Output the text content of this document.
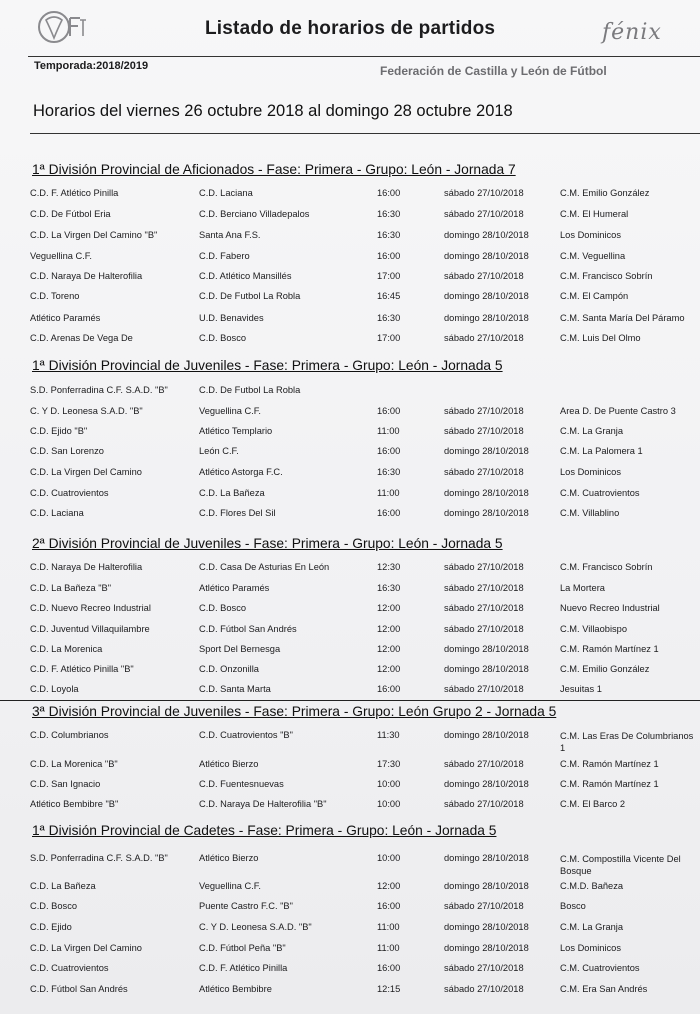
Listado de horarios de partidos	fénix
Temporada:2018/2019	Federación de Castilla y León de Fútbol
Horarios del viernes 26 octubre 2018 al domingo 28 octubre 2018
1ª División Provincial de Aficionados - Fase: Primera - Grupo: León - Jornada 7
C.D. F. Atlético Pinilla	C.D. Laciana	16:00	sábado 27/10/2018	C.M. Emilio González
C.D. De Fútbol Eria	C.D. Berciano Villadepalos	16:30	sábado 27/10/2018	C.M. El Humeral
C.D. La Virgen Del Camino "B"	Santa Ana F.S.	16:30	domingo 28/10/2018	Los Dominicos
Veguellina C.F.	C.D. Fabero	16:00	domingo 28/10/2018	C.M. Veguellina
C.D. Naraya De Halterofilia	C.D. Atlético Mansillés	17:00	sábado 27/10/2018	C.M. Francisco Sobrín
C.D. Toreno	C.D. De Futbol La Robla	16:45	domingo 28/10/2018	C.M. El Campón
Atlético Paramés	U.D. Benavides	16:30	domingo 28/10/2018	C.M. Santa María Del Páramo
C.D. Arenas De Vega De	C.D. Bosco	17:00	sábado 27/10/2018	C.M. Luis Del Olmo
1ª División Provincial de Juveniles - Fase: Primera - Grupo: León - Jornada 5
S.D. Ponferradina C.F. S.A.D. "B"	C.D. De Futbol La Robla
C. Y D. Leonesa S.A.D. "B"	Veguellina C.F.	16:00	sábado 27/10/2018	Area D. De Puente Castro 3
C.D. Ejido "B"	Atlético Templario	11:00	sábado 27/10/2018	C.M. La Granja
C.D. San Lorenzo	León C.F.	16:00	domingo 28/10/2018	C.M. La Palomera 1
C.D. La Virgen Del Camino	Atlético Astorga F.C.	16:30	sábado 27/10/2018	Los Dominicos
C.D. Cuatrovientos	C.D. La Bañeza	11:00	domingo 28/10/2018	C.M. Cuatrovientos
C.D. Laciana	C.D. Flores Del Sil	16:00	domingo 28/10/2018	C.M. Villablino
2ª División Provincial de Juveniles - Fase: Primera - Grupo: León - Jornada 5
C.D. Naraya De Halterofilia	C.D. Casa De Asturias En León	12:30	sábado 27/10/2018	C.M. Francisco Sobrín
C.D. La Bañeza "B"	Atlético Paramés	16:30	sábado 27/10/2018	La Mortera
C.D. Nuevo Recreo Industrial	C.D. Bosco	12:00	sábado 27/10/2018	Nuevo Recreo Industrial
C.D. Juventud Villaquilambre	C.D. Fútbol San Andrés	12:00	sábado 27/10/2018	C.M. Villaobispo
C.D. La Morenica	Sport Del Bernesga	12:00	domingo 28/10/2018	C.M. Ramón Martínez 1
C.D. F. Atlético Pinilla "B"	C.D. Onzonilla	12:00	domingo 28/10/2018	C.M. Emilio González
C.D. Loyola	C.D. Santa Marta	16:00	sábado 27/10/2018	Jesuitas 1
3ª División Provincial de Juveniles - Fase: Primera - Grupo: León Grupo 2 - Jornada 5
C.D. Columbrianos	C.D. Cuatrovientos "B"	11:30	domingo 28/10/2018	C.M. Las Eras De Columbrianos 1
C.D. La Morenica "B"	Atlético Bierzo	17:30	sábado 27/10/2018	C.M. Ramón Martínez 1
C.D. San Ignacio	C.D. Fuentesnuevas	10:00	domingo 28/10/2018	C.M. Ramón Martínez 1
Atlético Bembibre "B"	C.D. Naraya De Halterofilia "B"	10:00	sábado 27/10/2018	C.M. El Barco 2
1ª División Provincial de Cadetes - Fase: Primera - Grupo: León - Jornada 5
S.D. Ponferradina C.F. S.A.D. "B"	Atlético Bierzo	10:00	domingo 28/10/2018	C.M. Compostilla Vicente Del Bosque
C.D. La Bañeza	Veguellina C.F.	12:00	domingo 28/10/2018	C.M.D. Bañeza
C.D. Bosco	Puente Castro F.C. "B"	16:00	sábado 27/10/2018	Bosco
C.D. Ejido	C. Y D. Leonesa S.A.D. "B"	11:00	domingo 28/10/2018	C.M. La Granja
C.D. La Virgen Del Camino	C.D. Fútbol Peña "B"	11:00	domingo 28/10/2018	Los Dominicos
C.D. Cuatrovientos	C.D. F. Atlético Pinilla	16:00	sábado 27/10/2018	C.M. Cuatrovientos
C.D. Fútbol San Andrés	Atlético Bembibre	12:15	sábado 27/10/2018	C.M. Era San Andrés
